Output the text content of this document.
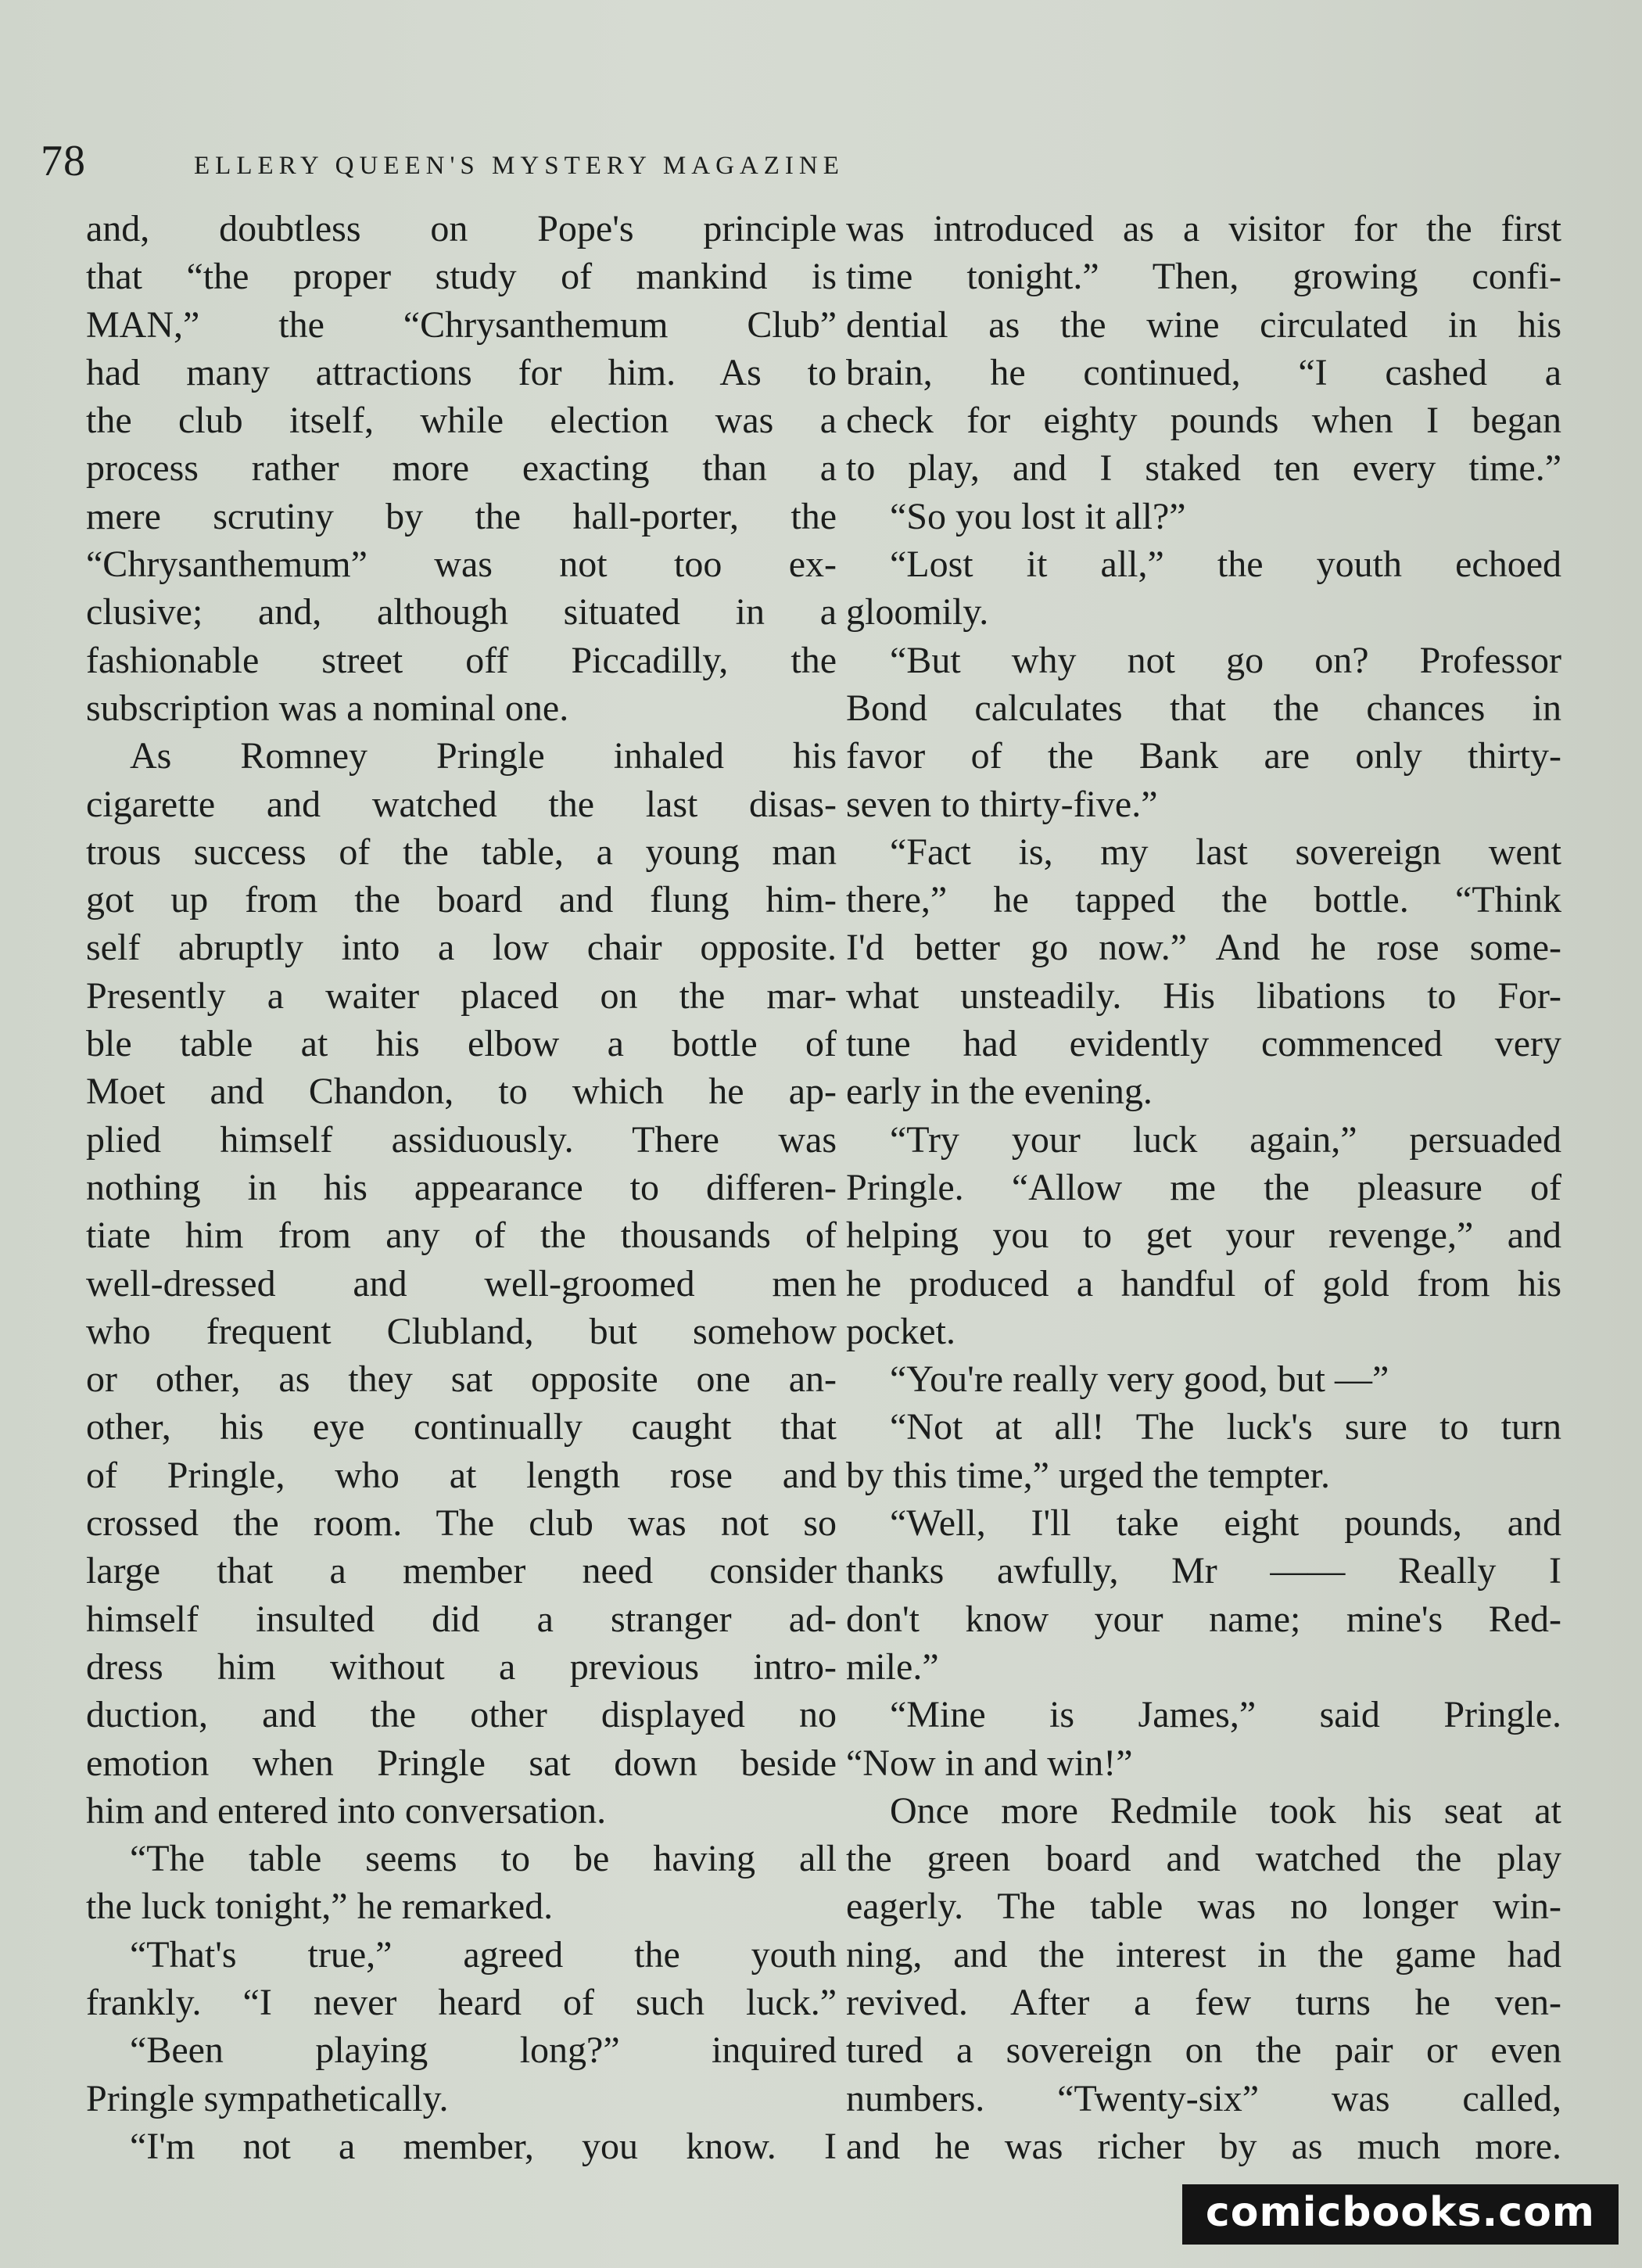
78	ELLERY QUEEN'S MYSTERY MAGAZINE
and, doubtless on Pope's principle
that “the proper study of mankind is
MAN,” the “Chrysanthemum Club”
had many attractions for him. As to
the club itself, while election was a
process rather more exacting than a
mere scrutiny by the hall-porter, the
“Chrysanthemum” was not too ex-
clusive; and, although situated in a
fashionable street off Piccadilly, the
subscription was a nominal one.
As Romney Pringle inhaled his
cigarette and watched the last disas-
trous success of the table, a young man
got up from the board and flung him-
self abruptly into a low chair opposite.
Presently a waiter placed on the mar-
ble table at his elbow a bottle of
Moet and Chandon, to which he ap-
plied himself assiduously. There was
nothing in his appearance to differen-
tiate him from any of the thousands of
well-dressed and well-groomed men
who frequent Clubland, but somehow
or other, as they sat opposite one an-
other, his eye continually caught that
of Pringle, who at length rose and
crossed the room. The club was not so
large that a member need consider
himself insulted did a stranger ad-
dress him without a previous intro-
duction, and the other displayed no
emotion when Pringle sat down beside
him and entered into conversation.
“The table seems to be having all
the luck tonight,” he remarked.
“That's true,” agreed the youth
frankly. “I never heard of such luck.”
“Been playing long?” inquired
Pringle sympathetically.
“I'm not a member, you know. I
was introduced as a visitor for the first
time tonight.” Then, growing confi-
dential as the wine circulated in his
brain, he continued, “I cashed a
check for eighty pounds when I began
to play, and I staked ten every time.”
“So you lost it all?”
“Lost it all,” the youth echoed
gloomily.
“But why not go on? Professor
Bond calculates that the chances in
favor of the Bank are only thirty-
seven to thirty-five.”
“Fact is, my last sovereign went
there,” he tapped the bottle. “Think
I'd better go now.” And he rose some-
what unsteadily. His libations to For-
tune had evidently commenced very
early in the evening.
“Try your luck again,” persuaded
Pringle. “Allow me the pleasure of
helping you to get your revenge,” and
he produced a handful of gold from his
pocket.
“You're really very good, but —”
“Not at all! The luck's sure to turn
by this time,” urged the tempter.
“Well, I'll take eight pounds, and
thanks awfully, Mr —— Really I
don't know your name; mine's Red-
mile.”
“Mine is James,” said Pringle.
“Now in and win!”
Once more Redmile took his seat at
the green board and watched the play
eagerly. The table was no longer win-
ning, and the interest in the game had
revived. After a few turns he ven-
tured a sovereign on the pair or even
numbers. “Twenty-six” was called,
and he was richer by as much more.
comicbooks.com
